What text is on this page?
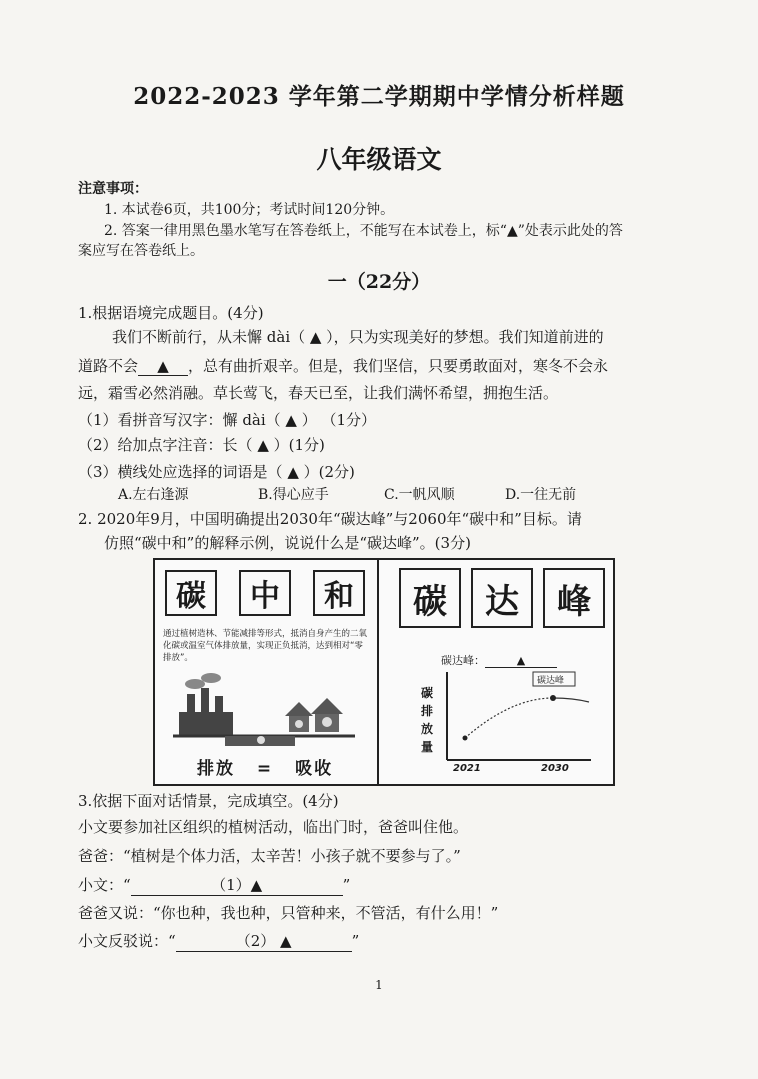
2022-2023 学年第二学期期中学情分析样题
八年级语文
注意事项：
1. 本试卷6页，共100分；考试时间120分钟。
2. 答案一律用黑色墨水笔写在答卷纸上，不能写在本试卷上，标“▲”处表示此处的答
案应写在答卷纸上。
一（22分）
1.根据语境完成题目。(4分)
我们不断前行，从未懈 dài（ ▲ ），只为实现美好的梦想。我们知道前进的
道路不会 ▲ ，总有曲折艰辛。但是，我们坚信，只要勇敢面对，寒冬不会永
远，霜雪必然消融。草长莺飞，春天已至，让我们满怀希望，拥抱生活。
（1）看拼音写汉字：懈 dài（ ▲ ） （1分）
（2）给加点字注音：长（ ▲ ）(1分)
（3）横线处应选择的词语是（ ▲ ）(2分)
A.左右逢源	B.得心应手	C.一帆风顺	D.一往无前
2. 2020年9月，中国明确提出2030年“碳达峰”与2060年“碳中和”目标。请
仿照“碳中和”的解释示例，说说什么是“碳达峰”。(3分)
碳	中	和
通过植树造林、节能减排等形式，抵消自身产生的二氧化碳或温室气体排放量，实现正负抵消，达到相对“零排放”。
排放 = 吸收
碳	达	峰
碳达峰：	▲
碳
排
放
量
碳达峰
2021	2030
3.依据下面对话情景，完成填空。(4分)
小文要参加社区组织的植树活动，临出门时，爸爸叫住他。
爸爸：“植树是个体力活，太辛苦！小孩子就不要参与了。”
小文：“	（1）▲	”
爸爸又说：“你也种，我也种，只管种来，不管活，有什么用！”
小文反驳说：“	（2） ▲	”
1
